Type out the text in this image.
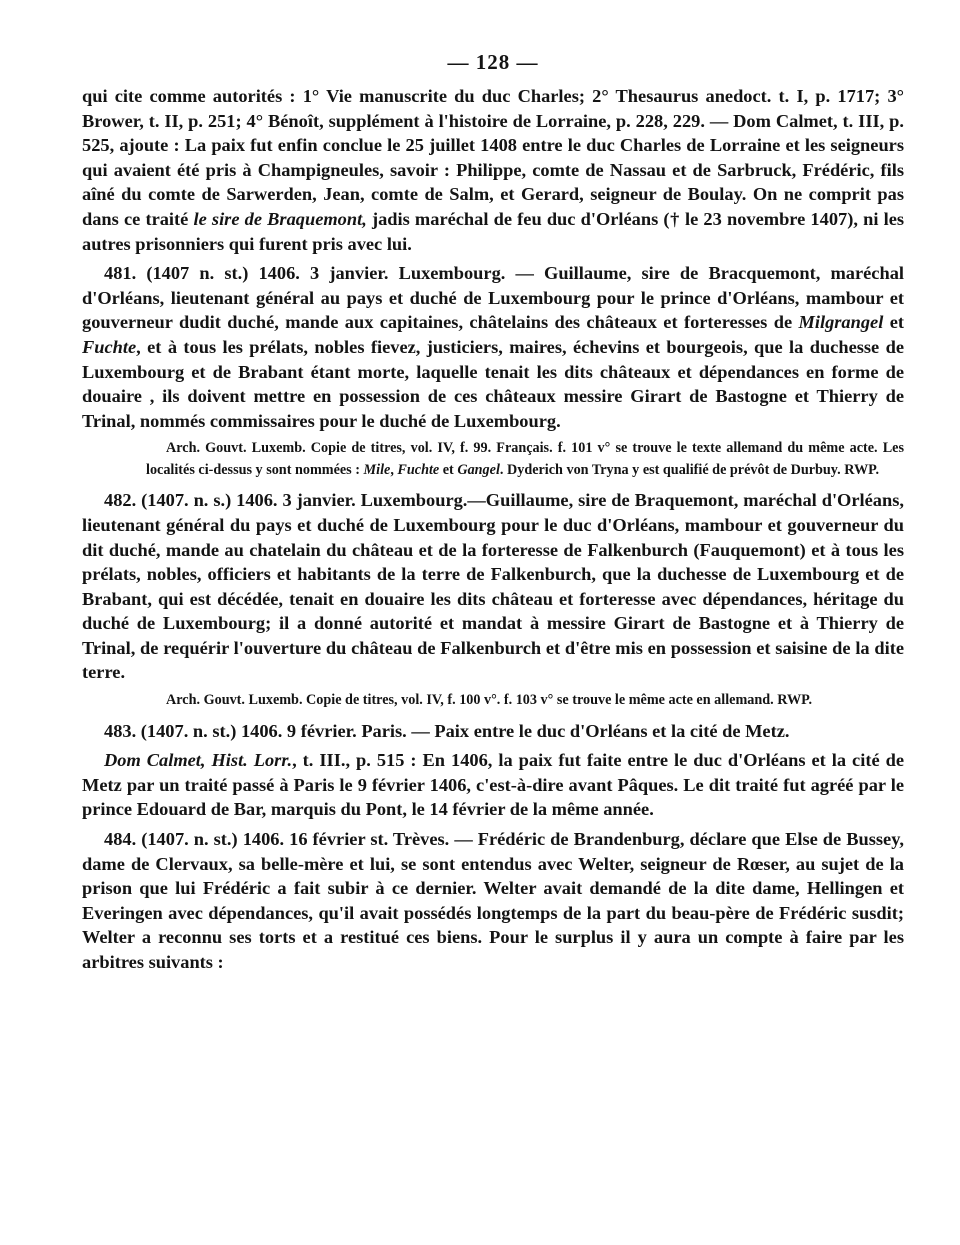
— 128 —

qui cite comme autorités : 1° Vie manuscrite du duc Charles; 2° Thesaurus anedoct. t. I, p. 1717; 3° Brower, t. II, p. 251; 4° Bénoît, supplément à l'histoire de Lorraine, p. 228, 229. — Dom Calmet, t. III, p. 525, ajoute : La paix fut enfin conclue le 25 juillet 1408 entre le duc Charles de Lorraine et les seigneurs qui avaient été pris à Champigneules, savoir : Philippe, comte de Nassau et de Sarbruck, Frédéric, fils aîné du comte de Sarwerden, Jean, comte de Salm, et Gerard, seigneur de Boulay. On ne comprit pas dans ce traité le sire de Braquemont, jadis maréchal de feu duc d'Orléans († le 23 novembre 1407), ni les autres prisonniers qui furent pris avec lui.

481. (1407 n. st.) 1406. 3 janvier. Luxembourg. — Guillaume, sire de Bracquemont, maréchal d'Orléans, lieutenant général au pays et duché de Luxembourg pour le prince d'Orléans, mambour et gouverneur dudit duché, mande aux capitaines, châtelains des châteaux et forteresses de Milgrangel et Fuchte, et à tous les prélats, nobles fievez, justiciers, maires, échevins et bourgeois, que la duchesse de Luxembourg et de Brabant étant morte, laquelle tenait les dits châteaux et dépendances en forme de douaire , ils doivent mettre en possession de ces châteaux messire Girart de Bastogne et Thierry de Trinal, nommés commissaires pour le duché de Luxembourg.

Arch. Gouvt. Luxemb. Copie de titres, vol. IV, f. 99. Français. f. 101 v° se trouve le texte allemand du même acte. Les localités ci-dessus y sont nommées : Mile, Fuchte et Gangel. Dyderich von Tryna y est qualifié de prévôt de Durbuy. RWP.

482. (1407. n. s.) 1406. 3 janvier. Luxembourg.—Guillaume, sire de Braquemont, maréchal d'Orléans, lieutenant général du pays et duché de Luxembourg pour le duc d'Orléans, mambour et gouverneur du dit duché, mande au chatelain du château et de la forteresse de Falkenburch (Fauquemont) et à tous les prélats, nobles, officiers et habitants de la terre de Falkenburch, que la duchesse de Luxembourg et de Brabant, qui est décédée, tenait en douaire les dits château et forteresse avec dépendances, héritage du duché de Luxembourg; il a donné autorité et mandat à messire Girart de Bastogne et à Thierry de Trinal, de requérir l'ouverture du château de Falkenburch et d'être mis en possession et saisine de la dite terre.

Arch. Gouvt. Luxemb. Copie de titres, vol. IV, f. 100 v°. f. 103 v° se trouve le même acte en allemand. RWP.

483. (1407. n. st.) 1406. 9 février. Paris. — Paix entre le duc d'Orléans et la cité de Metz.

Dom Calmet, Hist. Lorr., t. III., p. 515 : En 1406, la paix fut faite entre le duc d'Orléans et la cité de Metz par un traité passé à Paris le 9 février 1406, c'est-à-dire avant Pâques. Le dit traité fut agréé par le prince Edouard de Bar, marquis du Pont, le 14 février de la même année.

484. (1407. n. st.) 1406. 16 février st. Trèves. — Frédéric de Brandenburg, déclare que Else de Bussey, dame de Clervaux, sa belle-mère et lui, se sont entendus avec Welter, seigneur de Rœser, au sujet de la prison que lui Frédéric a fait subir à ce dernier. Welter avait demandé de la dite dame, Hellingen et Everingen avec dépendances, qu'il avait possédés longtemps de la part du beau-père de Frédéric susdit; Welter a reconnu ses torts et a restitué ces biens. Pour le surplus il y aura un compte à faire par les arbitres suivants :
